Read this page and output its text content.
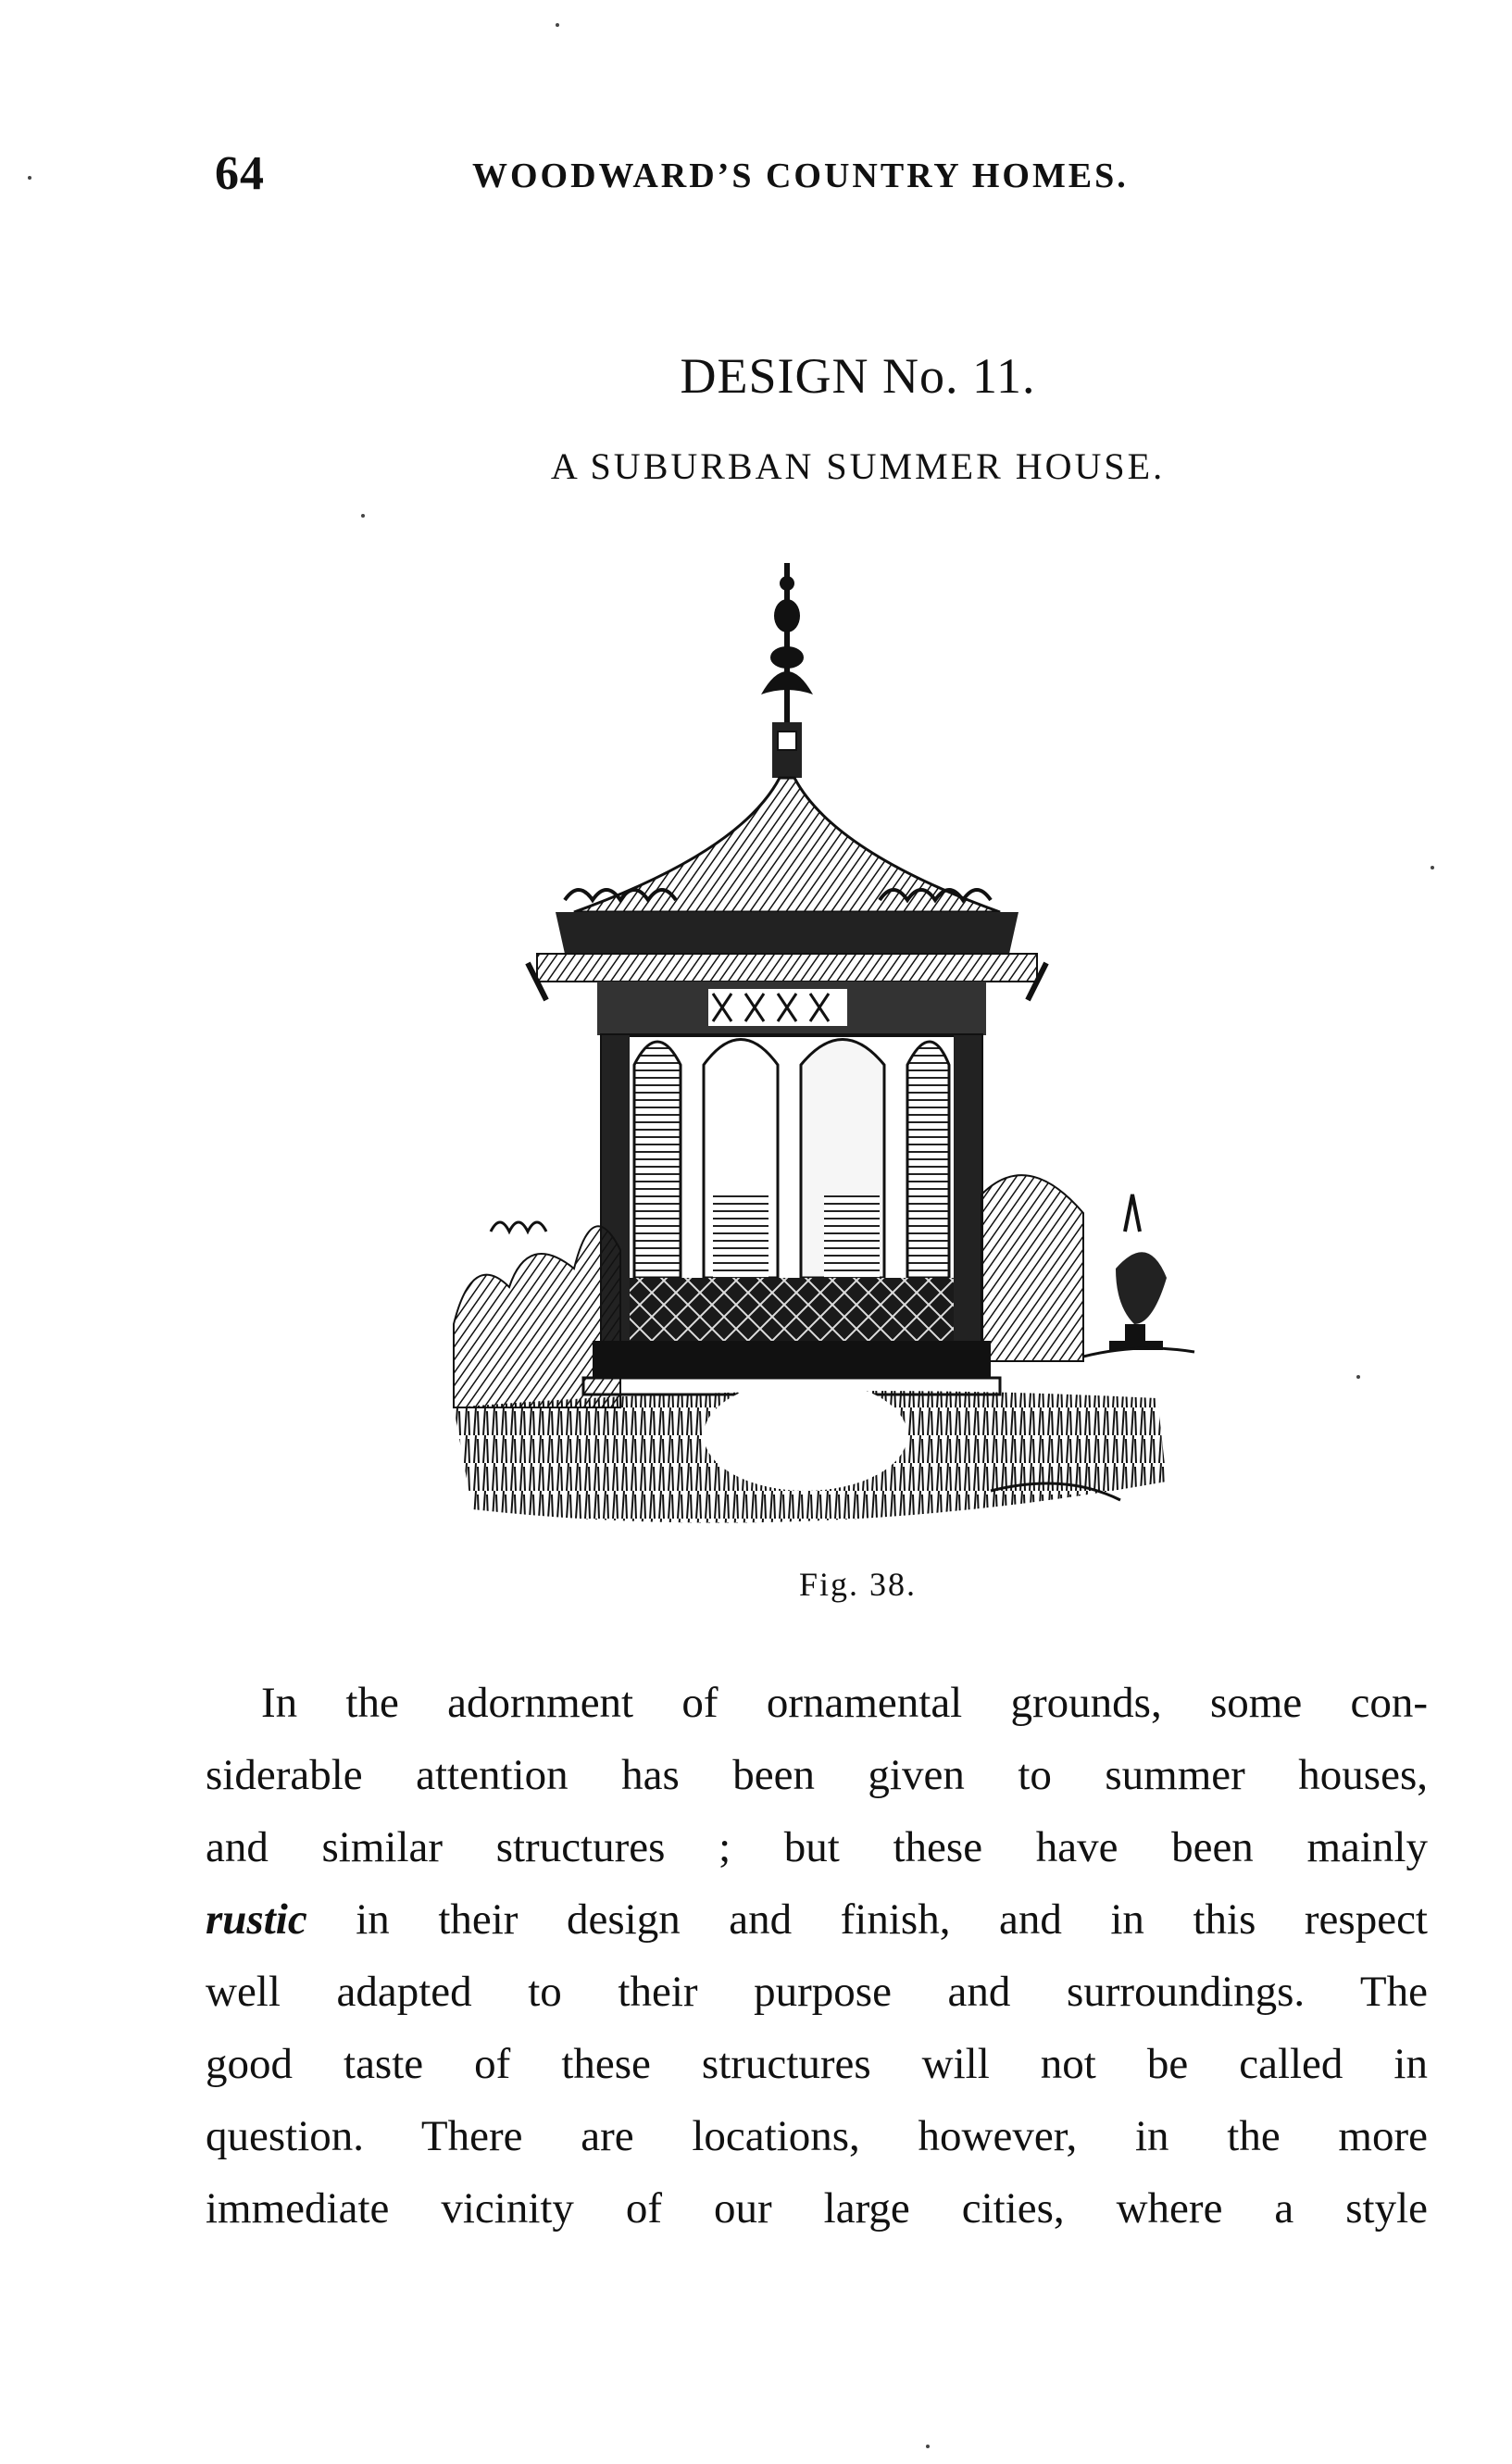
64	WOODWARD’S COUNTRY HOMES.
DESIGN No. 11.
A SUBURBAN SUMMER HOUSE.
Fig. 38.
In the adornment of ornamental grounds, some con-
siderable attention has been given to summer houses,
and similar structures ; but these have been mainly
rustic in their design and finish, and in this respect
well adapted to their purpose and surroundings. The
good taste of these structures will not be called in
question. There are locations, however, in the more
immediate vicinity of our large cities, where a style
